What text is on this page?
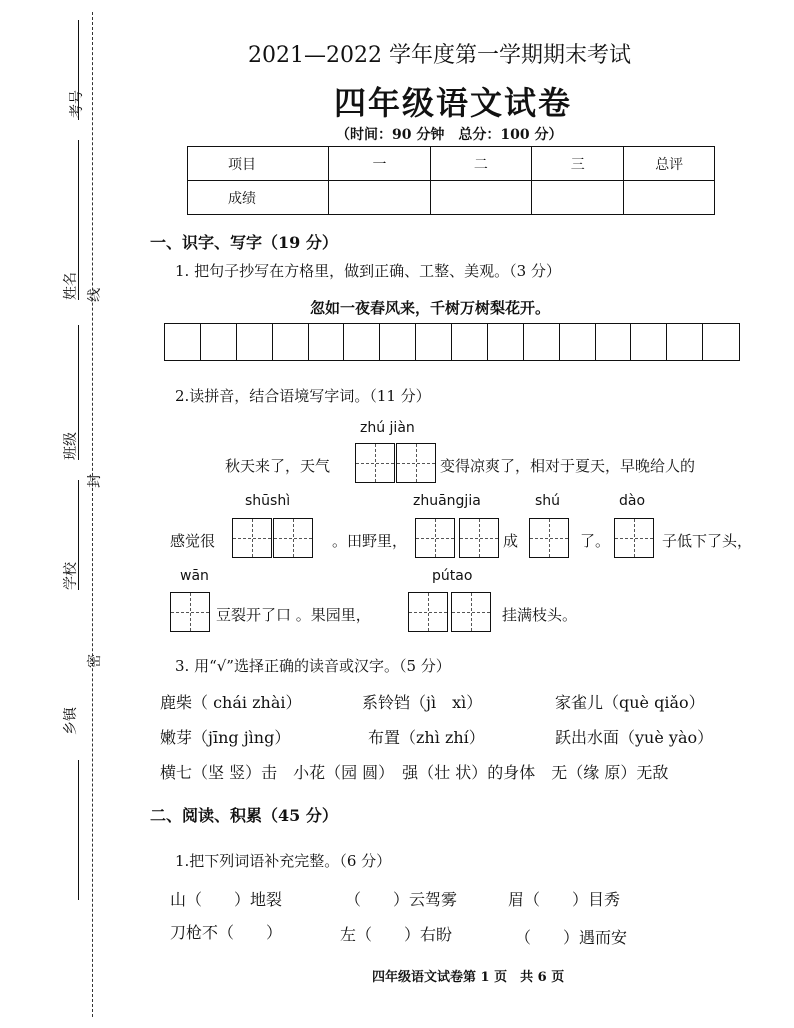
考号
姓名 线
班级
封
学校
密
乡镇
2021—2022 学年度第一学期期末考试
四年级语文试卷
（时间：90 分钟　总分：100 分）
项目	一	二	三	总评
成绩				
一、识字、写字（19 分）
1. 把句子抄写在方格里，做到正确、工整、美观。（3 分）
忽如一夜春风来，千树万树梨花开。
2.读拼音，结合语境写字词。（11 分）
zhú jiàn
秋天来了，天气	变得凉爽了，相对于夏天，早晚给人的
shūshì	zhuāngjia	shú	dào
感觉很	。田野里，	成	了。	子低下了头，
wān	pútao
豆裂开了口 。果园里，	挂满枝头。
3. 用“√”选择正确的读音或汉字。（5 分）
鹿柴（ chái zhài）	系铃铛（jì　xì）	家雀儿（què qiǎo）
嫩芽（jīng jìng）	布置（zhì zhí）	跃出水面（yuè yào）
横七（坚 竖）击　小花（园 圆）　强（壮 状）的身体　无（缘 原）无敌
二、阅读、积累（45 分）
1.把下列词语补充完整。（6 分）
山（　　）地裂	（　　）云驾雾	眉（　　）目秀
刀枪不（　　）	左（　　）右盼	（　　）遇而安
四年级语文试卷第 1 页　共 6 页
